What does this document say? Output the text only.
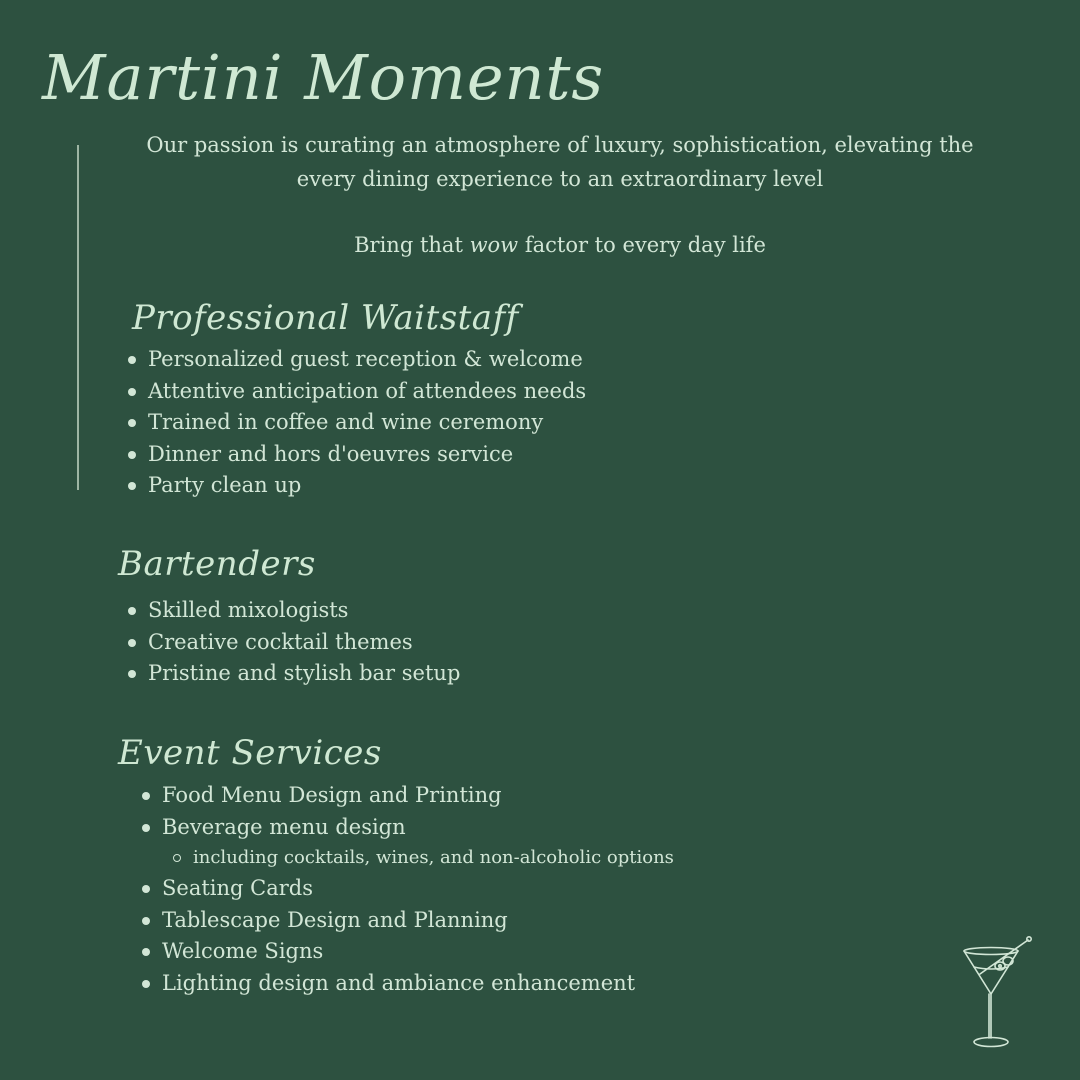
Martini Moments

Our passion is curating an atmosphere of luxury, sophistication, elevating the every dining experience to an extraordinary level

Bring that wow factor to every day life

Professional Waitstaff
Personalized guest reception & welcome
Attentive anticipation of attendees needs
Trained in coffee and wine ceremony
Dinner and hors d'oeuvres service
Party clean up
Bartenders
Skilled mixologists
Creative cocktail themes
Pristine and stylish bar setup
Event Services
Food Menu Design and Printing
Beverage menu design
including cocktails, wines, and non-alcoholic options
Seating Cards
Tablescape Design and Planning
Welcome Signs
Lighting design and ambiance enhancement
